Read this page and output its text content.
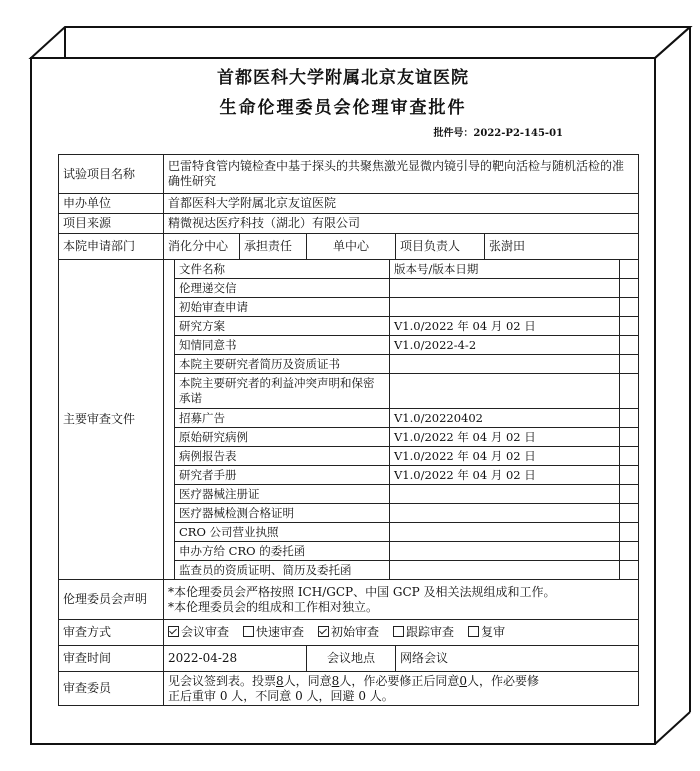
首都医科大学附属北京友谊医院
生命伦理委员会伦理审查批件
批件号：2022-P2-145-01
试验项目名称	巴雷特食管内镜检查中基于探头的共聚焦激光显微内镜引导的靶向活检与随机活检的准确性研究
申办单位	首都医科大学附属北京友谊医院
项目来源	精微视达医疗科技（湖北）有限公司
本院申请部门	消化分中心	承担责任	单中心	项目负责人	张澍田
主要审查文件	
	文件名称	版本号/版本日期	
	伦理递交信		
	初始审查申请		
	研究方案	V1.0/2022 年 04 月 02 日	
	知情同意书	V1.0/2022-4-2	
	本院主要研究者简历及资质证书		
	本院主要研究者的利益冲突声明和保密承诺		
	招募广告	V1.0/20220402	
	原始研究病例	V1.0/2022 年 04 月 02 日	
	病例报告表	V1.0/2022 年 04 月 02 日	
	研究者手册	V1.0/2022 年 04 月 02 日	
	医疗器械注册证		
	医疗器械检测合格证明		
	CRO 公司营业执照		
	申办方给 CRO 的委托函		
	监查员的资质证明、简历及委托函		

伦理委员会声明	
*本伦理委员会严格按照 ICH/GCP、中国 GCP 及相关法规组成和工作。
*本伦理委员会的组成和工作相对独立。

审查方式	会议审查 快速审查 初始审查 跟踪审查 复审
审查时间	2022-04-28	会议地点	网络会议
审查委员	
见会议签到表。投票8人，同意8人，作必要修正后同意0人，作必要修
正后重审 0 人，不同意 0 人，回避 0 人。
